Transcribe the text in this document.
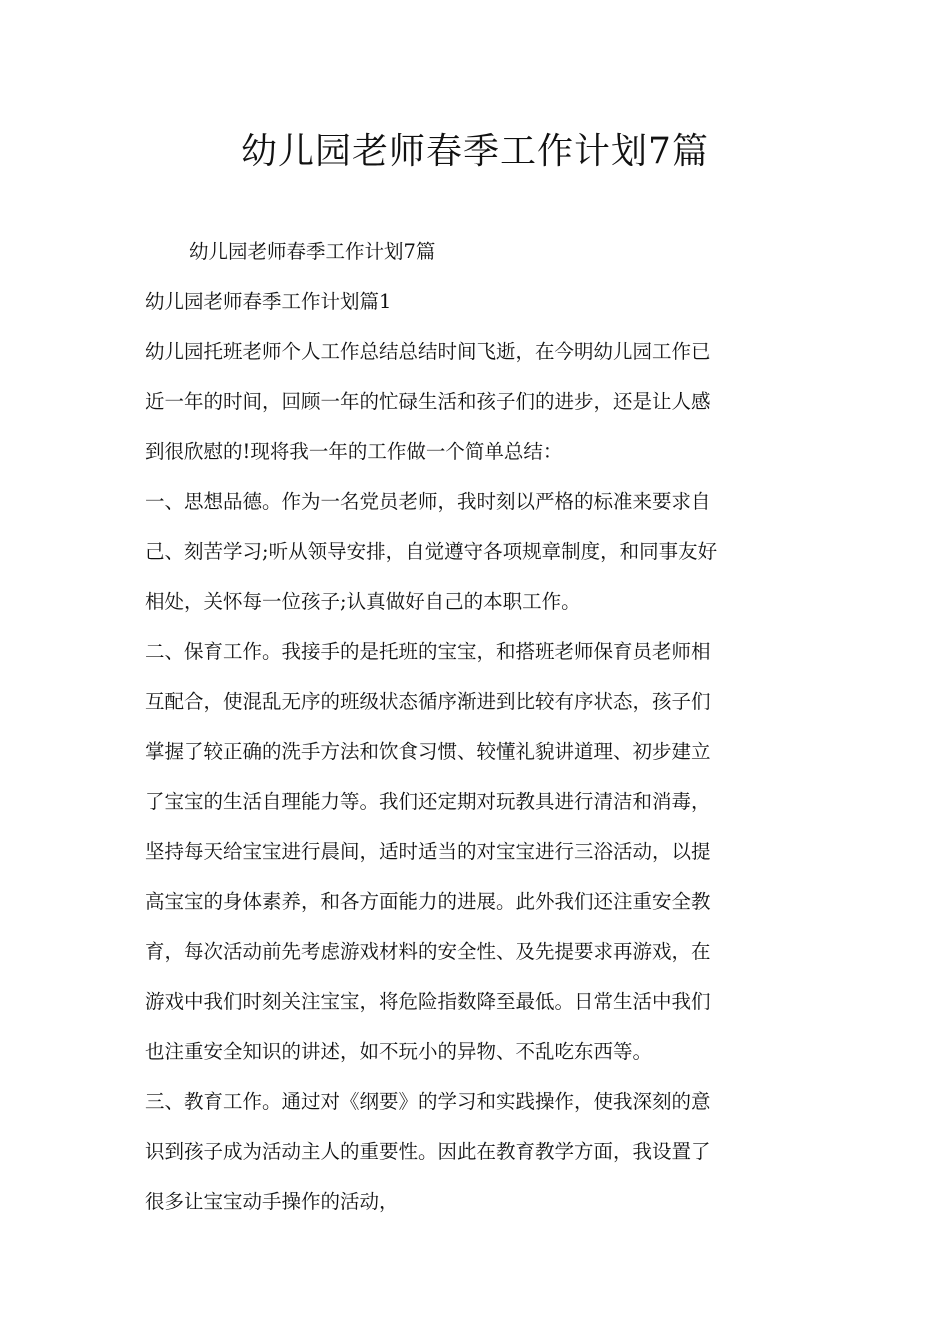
幼儿园老师春季工作计划7篇

幼儿园老师春季工作计划7篇

幼儿园老师春季工作计划篇1

幼儿园托班老师个人工作总结总结时间飞逝，在今明幼儿园工作已

近一年的时间，回顾一年的忙碌生活和孩子们的进步，还是让人感

到很欣慰的!现将我一年的工作做一个简单总结：

一、思想品德。作为一名党员老师，我时刻以严格的标准来要求自

己、刻苦学习;听从领导安排，自觉遵守各项规章制度，和同事友好

相处，关怀每一位孩子;认真做好自己的本职工作。

二、保育工作。我接手的是托班的宝宝，和搭班老师保育员老师相

互配合，使混乱无序的班级状态循序渐进到比较有序状态，孩子们

掌握了较正确的洗手方法和饮食习惯、较懂礼貌讲道理、初步建立

了宝宝的生活自理能力等。我们还定期对玩教具进行清洁和消毒，

坚持每天给宝宝进行晨间，适时适当的对宝宝进行三浴活动，以提

高宝宝的身体素养，和各方面能力的进展。此外我们还注重安全教

育，每次活动前先考虑游戏材料的安全性、及先提要求再游戏，在

游戏中我们时刻关注宝宝，将危险指数降至最低。日常生活中我们

也注重安全知识的讲述，如不玩小的异物、不乱吃东西等。

三、教育工作。通过对《纲要》的学习和实践操作，使我深刻的意

识到孩子成为活动主人的重要性。因此在教育教学方面，我设置了

很多让宝宝动手操作的活动，
